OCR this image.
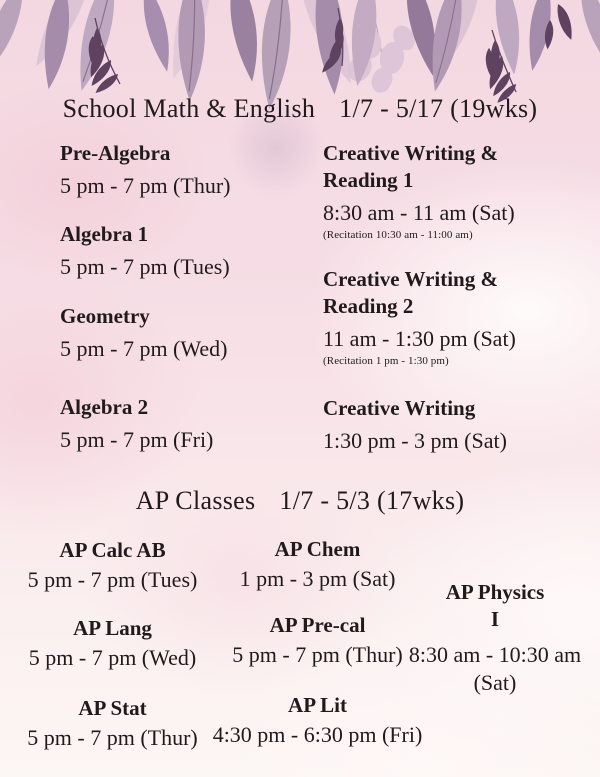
School Math & English 1/7 - 5/17 (19wks)
Pre-Algebra
5 pm - 7 pm (Thur)
Algebra 1
5 pm - 7 pm (Tues)
Geometry
5 pm - 7 pm (Wed)
Algebra 2
5 pm - 7 pm (Fri)
Creative Writing & Reading 1
8:30 am - 11 am (Sat)
(Recitation 10:30 am - 11:00 am)
Creative Writing & Reading 2
11 am - 1:30 pm (Sat)
(Recitation 1 pm - 1:30 pm)
Creative Writing
1:30 pm - 3 pm (Sat)
AP Classes 1/7 - 5/3 (17wks)
AP Calc AB
5 pm - 7 pm (Tues)
AP Lang
5 pm - 7 pm (Wed)
AP Stat
5 pm - 7 pm (Thur)
AP Chem
1 pm - 3 pm (Sat)
AP Pre-cal
5 pm - 7 pm (Thur)
AP Lit
4:30 pm - 6:30 pm (Fri)
AP Physics I
8:30 am - 10:30 am (Sat)
